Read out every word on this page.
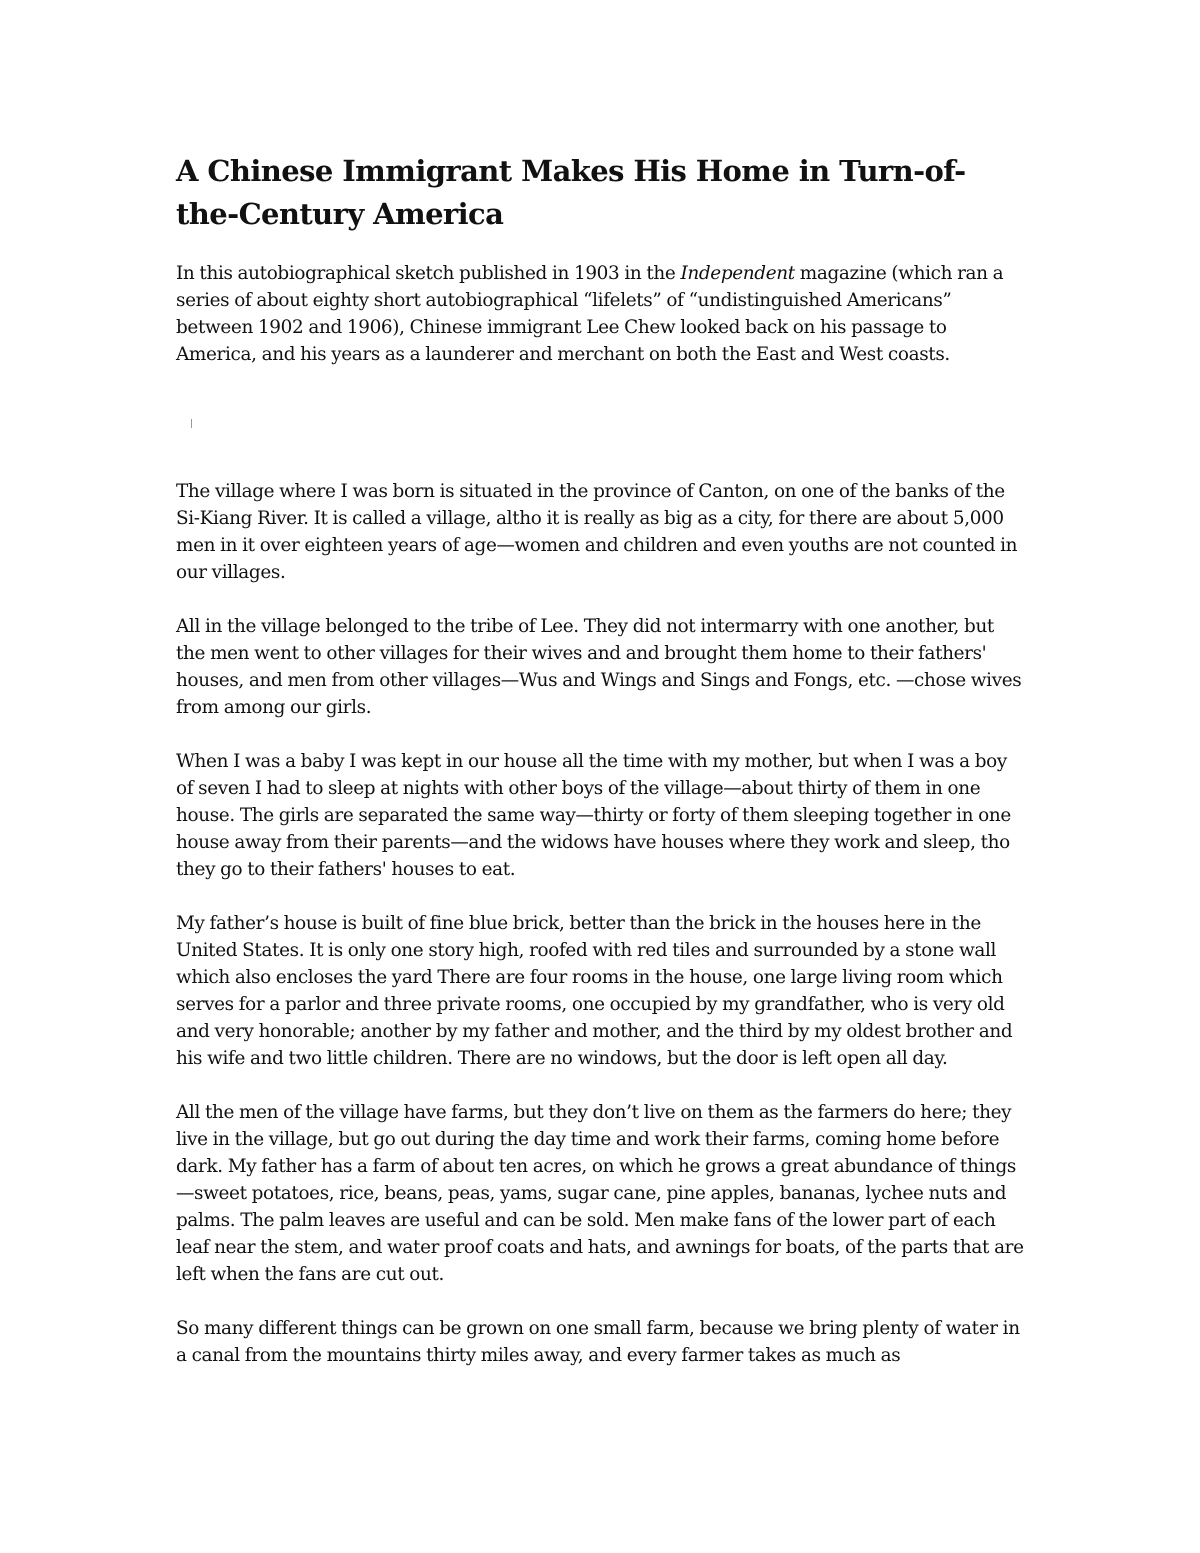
A Chinese Immigrant Makes His Home in Turn-of-the-Century America

In this autobiographical sketch published in 1903 in the Independent magazine (which ran a series of about eighty short autobiographical “lifelets” of “undistinguished Americans” between 1902 and 1906), Chinese immigrant Lee Chew looked back on his passage to America, and his years as a launderer and merchant on both the East and West coasts.

The village where I was born is situated in the province of Canton, on one of the banks of the Si-Kiang River. It is called a village, altho it is really as big as a city, for there are about 5,000 men in it over eighteen years of age—women and children and even youths are not counted in our villages.

All in the village belonged to the tribe of Lee. They did not intermarry with one another, but the men went to other villages for their wives and and brought them home to their fathers' houses, and men from other villages—Wus and Wings and Sings and Fongs, etc. —chose wives from among our girls.

When I was a baby I was kept in our house all the time with my mother, but when I was a boy of seven I had to sleep at nights with other boys of the village—about thirty of them in one house. The girls are separated the same way—thirty or forty of them sleeping together in one house away from their parents—and the widows have houses where they work and sleep, tho they go to their fathers' houses to eat.

My father’s house is built of fine blue brick, better than the brick in the houses here in the United States. It is only one story high, roofed with red tiles and surrounded by a stone wall which also encloses the yard There are four rooms in the house, one large living room which serves for a parlor and three private rooms, one occupied by my grandfather, who is very old and very honorable; another by my father and mother, and the third by my oldest brother and his wife and two little children. There are no windows, but the door is left open all day.

All the men of the village have farms, but they don’t live on them as the farmers do here; they live in the village, but go out during the day time and work their farms, coming home before dark. My father has a farm of about ten acres, on which he grows a great abundance of things—sweet potatoes, rice, beans, peas, yams, sugar cane, pine apples, bananas, lychee nuts and palms. The palm leaves are useful and can be sold. Men make fans of the lower part of each leaf near the stem, and water proof coats and hats, and awnings for boats, of the parts that are left when the fans are cut out.

So many different things can be grown on one small farm, because we bring plenty of water in a canal from the mountains thirty miles away, and every farmer takes as much as
